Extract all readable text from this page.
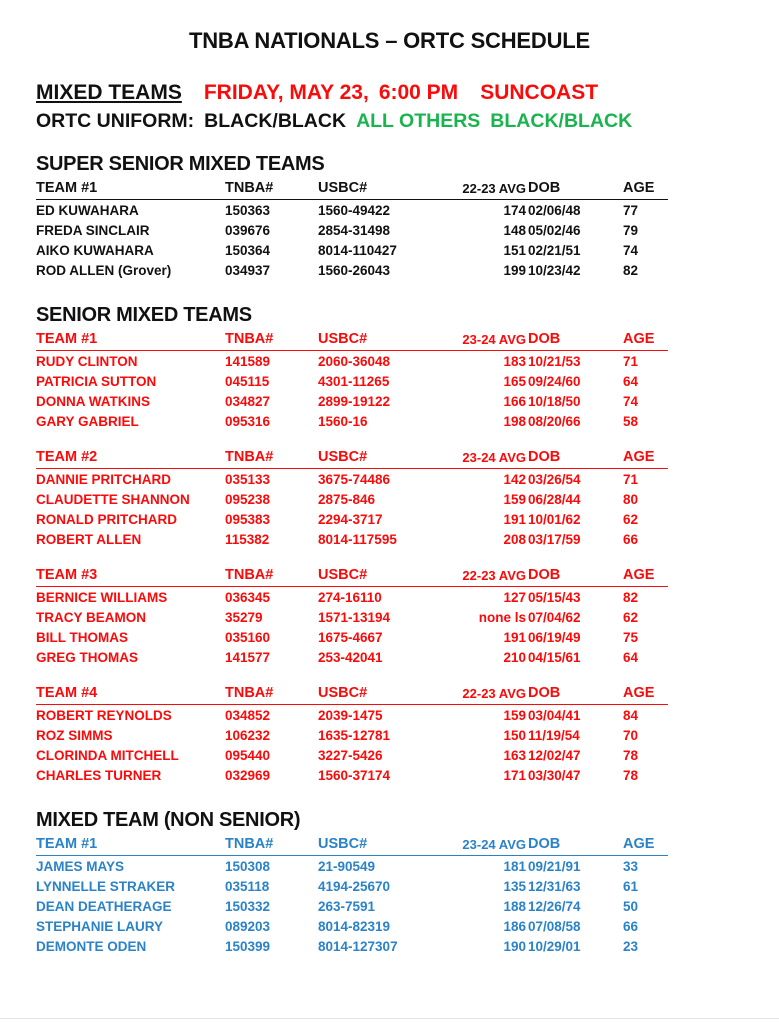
TNBA NATIONALS – ORTC SCHEDULE
MIXED TEAMS FRIDAY, MAY 23, 6:00 PM SUNCOAST
ORTC UNIFORM: BLACK/BLACK ALL OTHERS BLACK/BLACK
SUPER SENIOR MIXED TEAMS
TEAM #1	TNBA#	USBC#	22-23 AVG	DOB	AGE
ED KUWAHARA	150363	1560-49422	174	02/06/48	77
FREDA SINCLAIR	039676	2854-31498	148	05/02/46	79
AIKO KUWAHARA	150364	8014-110427	151	02/21/51	74
ROD ALLEN (Grover)	034937	1560-26043	199	10/23/42	82
SENIOR MIXED TEAMS
TEAM #1	TNBA#	USBC#	23-24 AVG	DOB	AGE
RUDY CLINTON	141589	2060-36048	183	10/21/53	71
PATRICIA SUTTON	045115	4301-11265	165	09/24/60	64
DONNA WATKINS	034827	2899-19122	166	10/18/50	74
GARY GABRIEL	095316	1560-16	198	08/20/66	58
TEAM #2	TNBA#	USBC#	23-24 AVG	DOB	AGE
DANNIE PRITCHARD	035133	3675-74486	142	03/26/54	71
CLAUDETTE SHANNON	095238	2875-846	159	06/28/44	80
RONALD PRITCHARD	095383	2294-3717	191	10/01/62	62
ROBERT ALLEN	115382	8014-117595	208	03/17/59	66
TEAM #3	TNBA#	USBC#	22-23 AVG	DOB	AGE
BERNICE WILLIAMS	036345	274-16110	127	05/15/43	82
TRACY BEAMON	35279	1571-13194	none ls	07/04/62	62
BILL THOMAS	035160	1675-4667	191	06/19/49	75
GREG THOMAS	141577	253-42041	210	04/15/61	64
TEAM #4	TNBA#	USBC#	22-23 AVG	DOB	AGE
ROBERT REYNOLDS	034852	2039-1475	159	03/04/41	84
ROZ SIMMS	106232	1635-12781	150	11/19/54	70
CLORINDA MITCHELL	095440	3227-5426	163	12/02/47	78
CHARLES TURNER	032969	1560-37174	171	03/30/47	78
MIXED TEAM (NON SENIOR)
TEAM #1	TNBA#	USBC#	23-24 AVG	DOB	AGE
JAMES MAYS	150308	21-90549	181	09/21/91	33
LYNNELLE STRAKER	035118	4194-25670	135	12/31/63	61
DEAN DEATHERAGE	150332	263-7591	188	12/26/74	50
STEPHANIE LAURY	089203	8014-82319	186	07/08/58	66
DEMONTE ODEN	150399	8014-127307	190	10/29/01	23
